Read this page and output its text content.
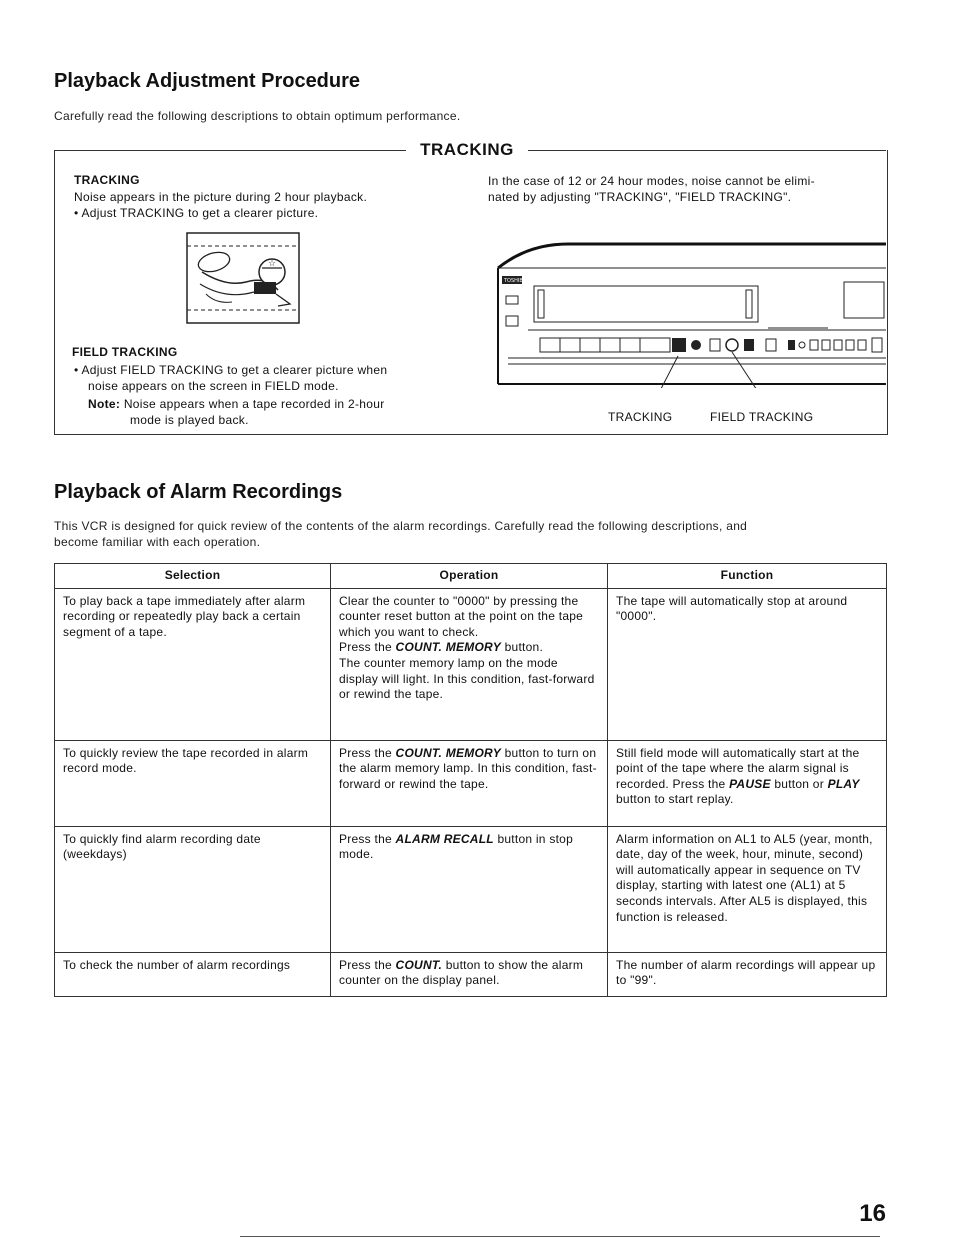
Playback Adjustment Procedure
Carefully read the following descriptions to obtain optimum performance.
TRACKING
TRACKING
Noise appears in the picture during 2 hour playback.
• Adjust TRACKING to get a clearer picture.
In the case of 12 or 24 hour modes, noise cannot be elimi-
nated by adjusting "TRACKING", "FIELD TRACKING".
☆
FIELD TRACKING
• Adjust FIELD TRACKING to get a clearer picture when
noise appears on the screen in FIELD mode.
Note: Noise appears when a tape recorded in 2-hour
mode is played back.
TOSHIBA
TRACKING	FIELD TRACKING
Playback of Alarm Recordings
This VCR is designed for quick review of the contents of the alarm recordings. Carefully read the following descriptions, and
become familiar with each operation.
Selection	Operation	Function
To play back a tape immediately after alarm recording or repeatedly play back a certain segment of a tape.	Clear the counter to "0000" by pressing the counter reset button at the point on the tape which you want to check.
Press the COUNT. MEMORY button.
The counter memory lamp on the mode display will light. In this condition, fast-forward or rewind the tape.	The tape will automatically stop at around "0000".

To quickly review the tape recorded in alarm record mode.	Press the COUNT. MEMORY button to turn on the alarm memory lamp. In this condition, fast-forward or rewind the tape.	Still field mode will automatically start at the point of the tape where the alarm signal is recorded. Press the PAUSE button or PLAY button to start replay.
To quickly find alarm recording date (weekdays)	Press the ALARM RECALL button in stop mode.	Alarm information on AL1 to AL5 (year, month, date, day of the week, hour, minute, second) will automatically appear in sequence on TV display, starting with latest one (AL1) at 5 seconds intervals. After AL5 is displayed, this function is released.

To check the number of alarm recordings	Press the COUNT. button to show the alarm counter on the display panel.	The number of alarm recordings will appear up to "99".
16
